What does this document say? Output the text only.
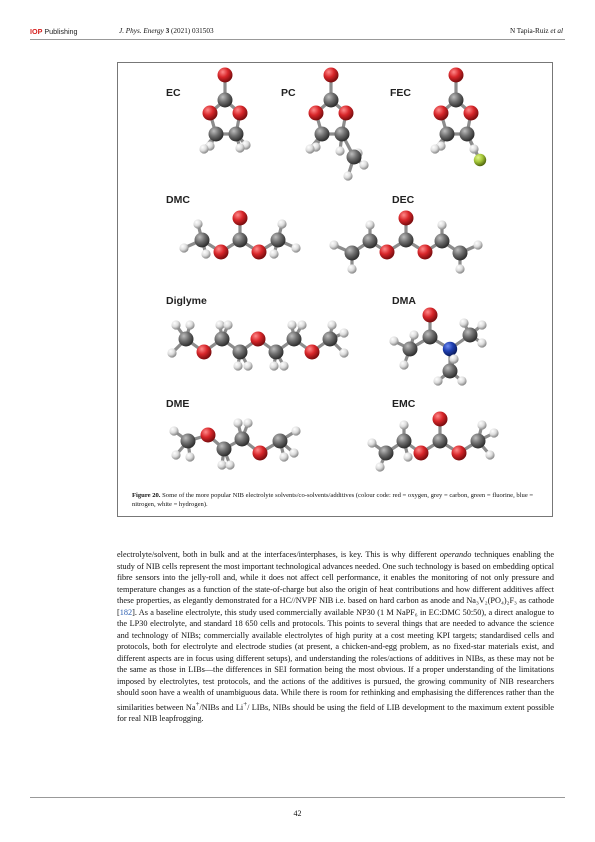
IOP Publishing	J. Phys. Energy 3 (2021) 031503	N Tapia-Ruiz et al
EC	PC	FEC
DMC	DEC
Diglyme	DMA
DME	EMC
Figure 20. Some of the more popular NIB electrolyte solvents/co-solvents/additives (colour code: red = oxygen, grey = carbon, green = fluorine, blue = nitrogen, white = hydrogen).
electrolyte/solvent, both in bulk and at the interfaces/interphases, is key. This is why different operando techniques enabling the study of NIB cells represent the most important technological advances needed. One such technology is based on embedding optical fibre sensors into the jelly-roll and, while it does not affect cell performance, it enables the monitoring of not only pressure and temperature changes as a function of the state-of-charge but also the origin of heat contributions and how different additives affect these properties, as elegantly demonstrated for a HC//NVPF NIB i.e. based on hard carbon as anode and Na₃V₂(PO₄)₂F₃ as cathode [182]. As a baseline electrolyte, this study used commercially available NP30 (1 M NaPF₆ in EC:DMC 50:50), a direct analogue to the LP30 electrolyte, and standard 18 650 cells and protocols. This points to several things that are needed to advance the science and technology of NIBs; commercially available electrolytes of high purity at a cost meeting KPI targets; standardised cells and protocols, both for electrolyte and electrode studies (at present, a chicken-and-egg problem, as no fixed-star materials exist, and different aspects are in focus using different setups), and understanding the roles/actions of additives in NIBs, as these may not be the same as those in LIBs—the differences in SEI formation being the most obvious. If a proper understanding of the limitations imposed by electrolytes, test protocols, and the actions of the additives is pursued, the growing community of NIB researchers should soon have a wealth of unambiguous data. While there is room for rethinking and emphasising the differences rather than the similarities between Na+/NIBs and Li+/ LIBs, NIBs should be using the field of LIB development to the maximum extent possible for real NIB leapfrogging.
42
